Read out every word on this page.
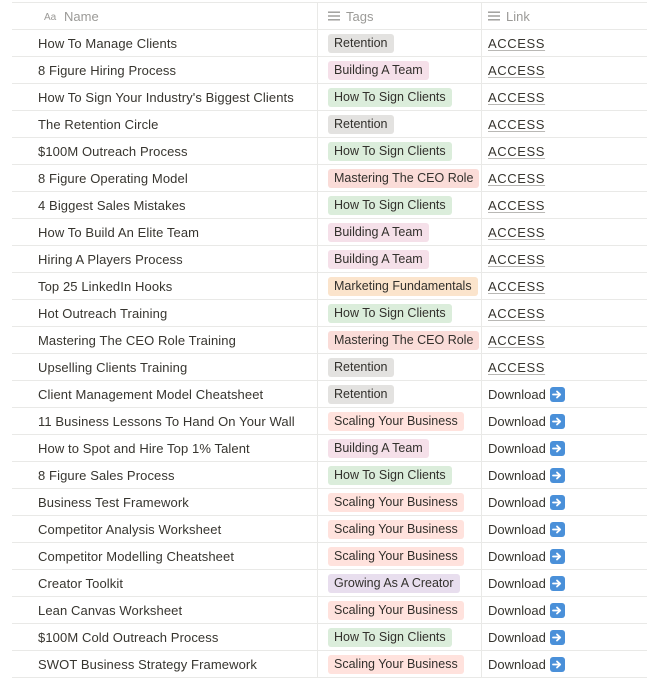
Aa Name	Tags	Link
How To Manage Clients	Retention	ACCESS
8 Figure Hiring Process	Building A Team	ACCESS
How To Sign Your Industry's Biggest Clients	How To Sign Clients	ACCESS
The Retention Circle	Retention	ACCESS
$100M Outreach Process	How To Sign Clients	ACCESS
8 Figure Operating Model	Mastering The CEO Role	ACCESS
4 Biggest Sales Mistakes	How To Sign Clients	ACCESS
How To Build An Elite Team	Building A Team	ACCESS
Hiring A Players Process	Building A Team	ACCESS
Top 25 LinkedIn Hooks	Marketing Fundamentals	ACCESS
Hot Outreach Training	How To Sign Clients	ACCESS
Mastering The CEO Role Training	Mastering The CEO Role	ACCESS
Upselling Clients Training	Retention	ACCESS
Client Management Model Cheatsheet	Retention	Download
11 Business Lessons To Hand On Your Wall	Scaling Your Business	Download
How to Spot and Hire Top 1% Talent	Building A Team	Download
8 Figure Sales Process	How To Sign Clients	Download
Business Test Framework	Scaling Your Business	Download
Competitor Analysis Worksheet	Scaling Your Business	Download
Competitor Modelling Cheatsheet	Scaling Your Business	Download
Creator Toolkit	Growing As A Creator	Download
Lean Canvas Worksheet	Scaling Your Business	Download
$100M Cold Outreach Process	How To Sign Clients	Download
SWOT Business Strategy Framework	Scaling Your Business	Download
